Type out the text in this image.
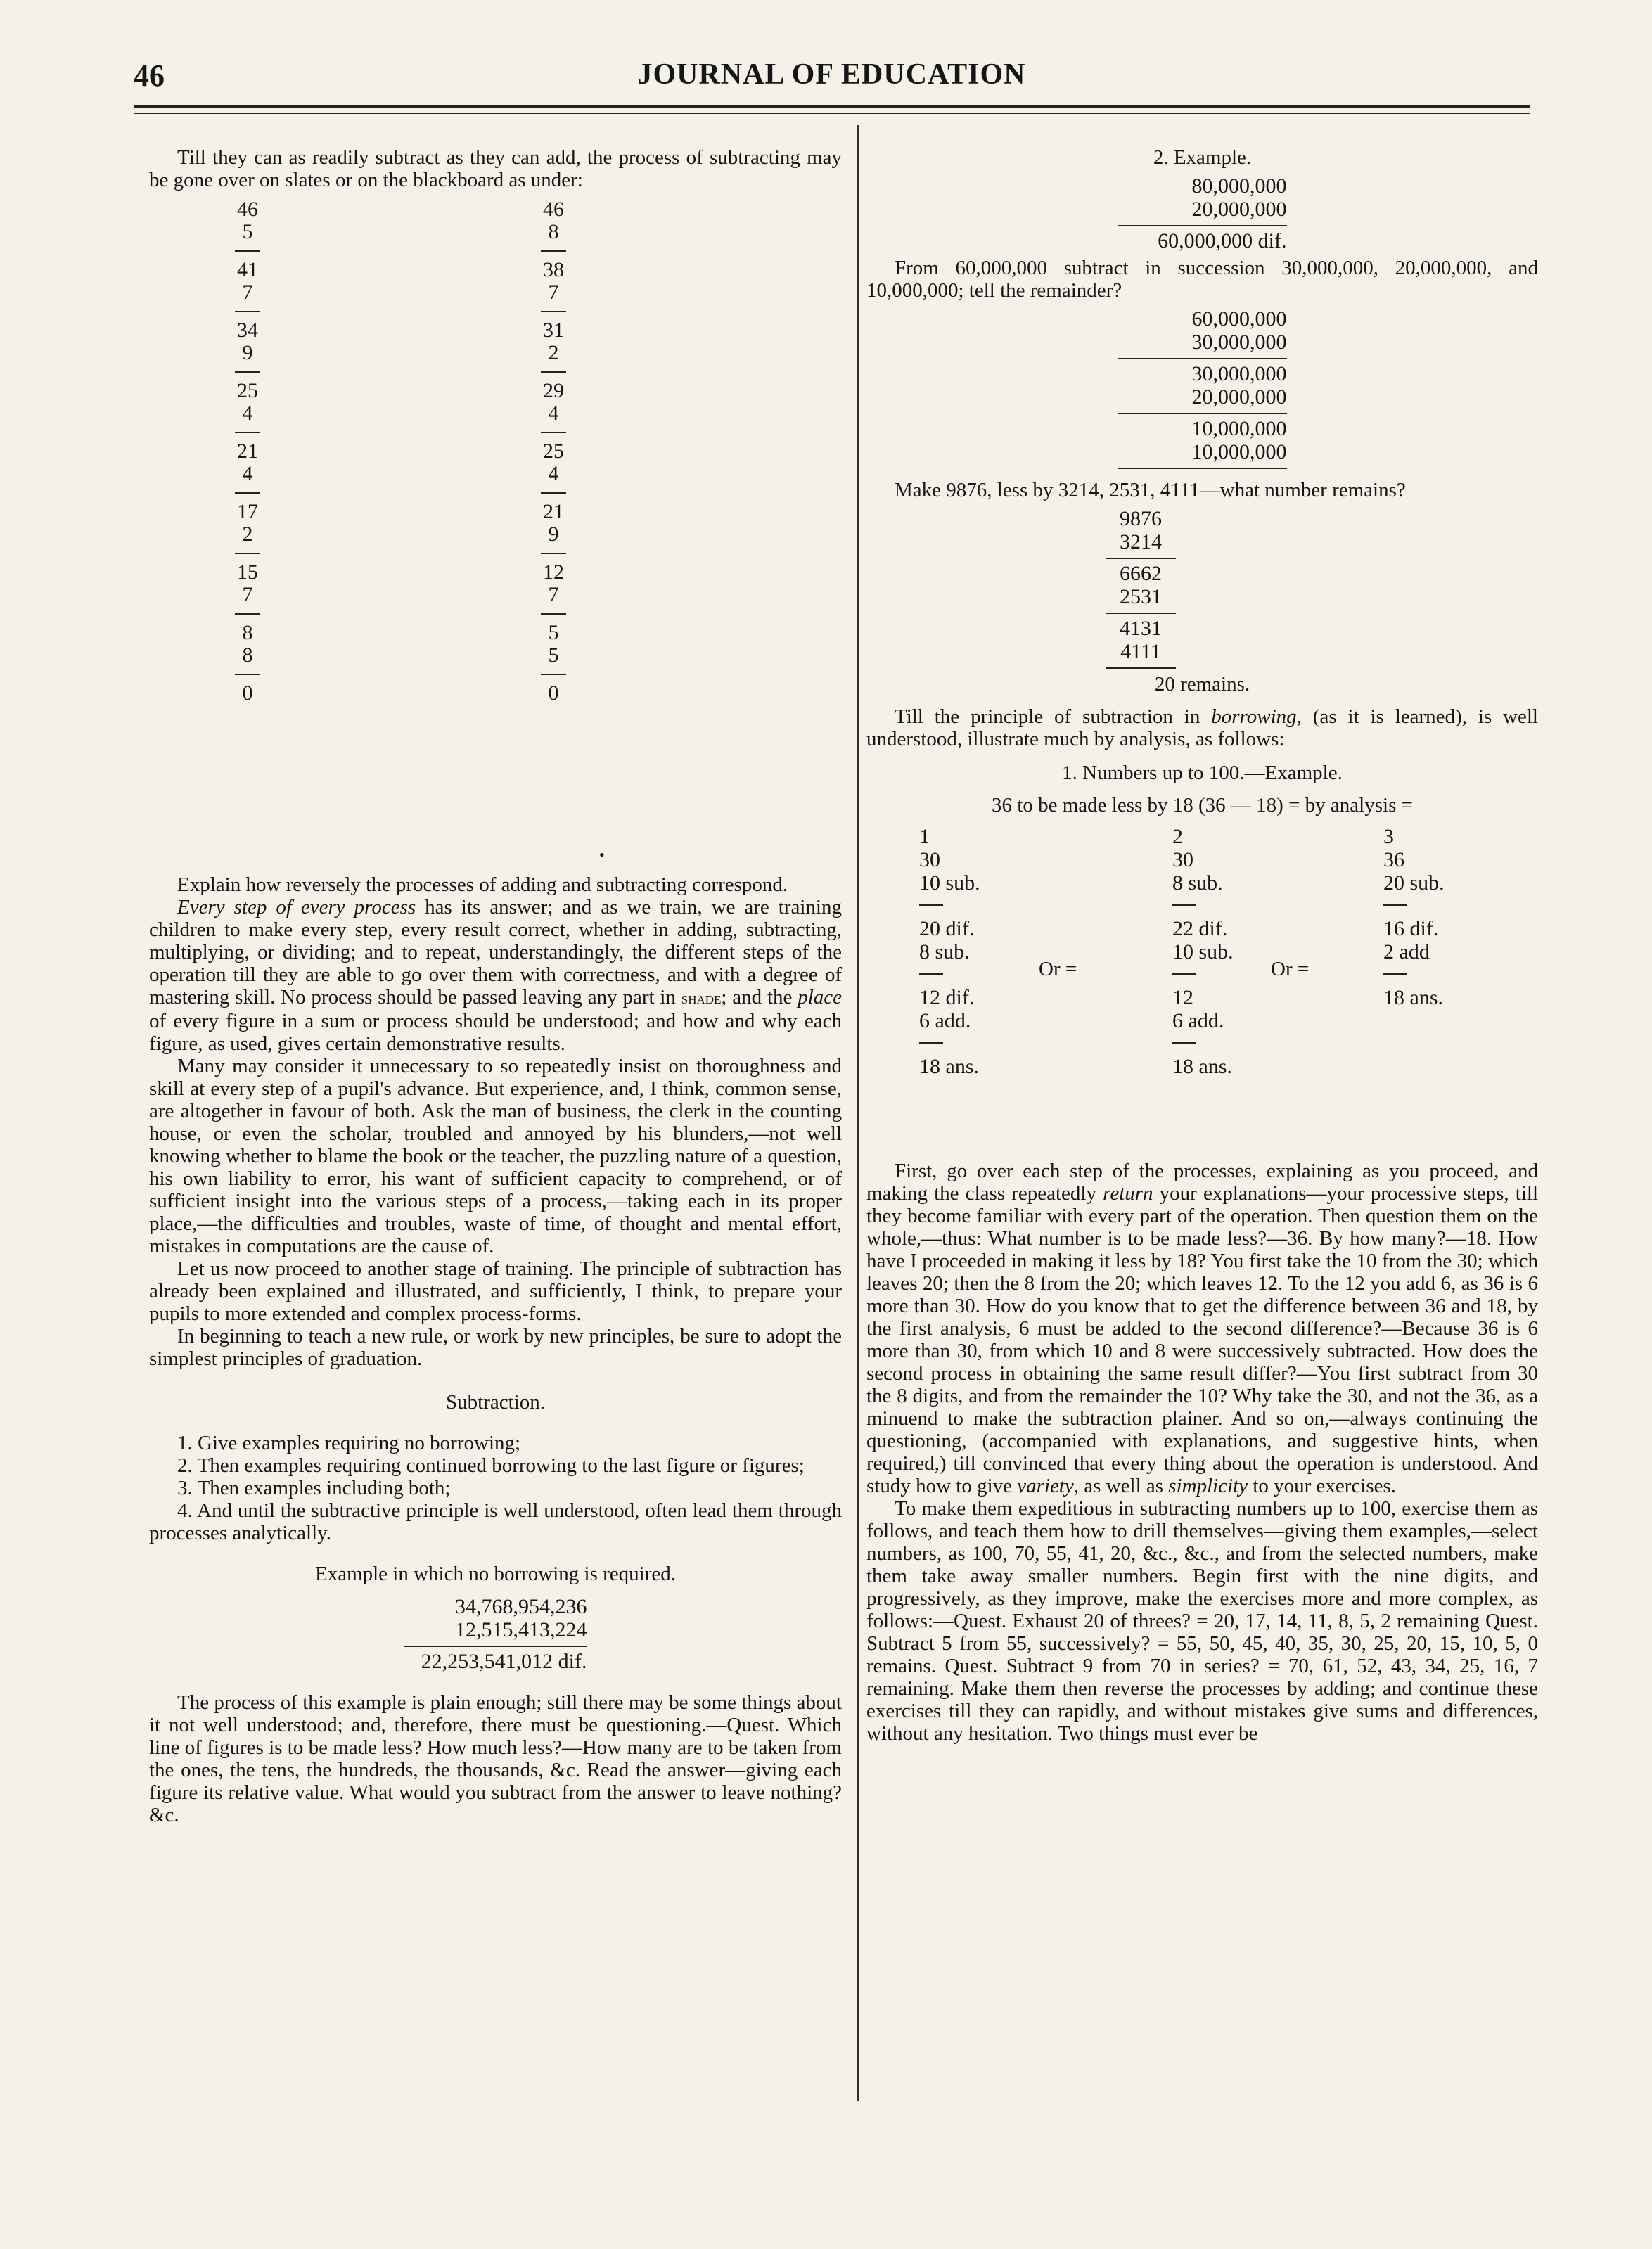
46	JOURNAL OF EDUCATION

Till they can as readily subtract as they can add, the process of subtracting may be gone over on slates or on the blackboard as under:

46
5
41
7
34
9
25
4
21
4
17
2
15
7
8
8
0
46
8
38
7
31
2
29
4
25
4
21
9
12
7
5
5
0
•

Explain how reversely the processes of adding and subtracting correspond.

Every step of every process has its answer; and as we train, we are training children to make every step, every result correct, whether in adding, subtracting, multiplying, or dividing; and to repeat, understandingly, the different steps of the operation till they are able to go over them with correctness, and with a degree of mastering skill. No process should be passed leaving any part in shade; and the place of every figure in a sum or process should be understood; and how and why each figure, as used, gives certain demonstrative results.

Many may consider it unnecessary to so repeatedly insist on thoroughness and skill at every step of a pupil's advance. But experience, and, I think, common sense, are altogether in favour of both. Ask the man of business, the clerk in the counting house, or even the scholar, troubled and annoyed by his blunders,—not well knowing whether to blame the book or the teacher, the puzzling nature of a question, his own liability to error, his want of sufficient capacity to comprehend, or of sufficient insight into the various steps of a process,—taking each in its proper place,—the difficulties and troubles, waste of time, of thought and mental effort, mistakes in computations are the cause of.

Let us now proceed to another stage of training. The principle of subtraction has already been explained and illustrated, and sufficiently, I think, to prepare your pupils to more extended and complex process-forms.

In beginning to teach a new rule, or work by new principles, be sure to adopt the simplest principles of graduation.

Subtraction.
1. Give examples requiring no borrowing;
2. Then examples requiring continued borrowing to the last figure or figures;
3. Then examples including both;
4. And until the subtractive principle is well understood, often lead them through processes analytically.
Example in which no borrowing is required.
34,768,954,236
12,515,413,224
22,253,541,012 dif.

The process of this example is plain enough; still there may be some things about it not well understood; and, therefore, there must be questioning.—Quest. Which line of figures is to be made less? How much less?—How many are to be taken from the ones, the tens, the hundreds, the thousands, &c. Read the answer—giving each figure its relative value. What would you subtract from the answer to leave nothing? &c.

2. Example.
80,000,000
20,000,000
60,000,000 dif.

From 60,000,000 subtract in succession 30,000,000, 20,000,000, and 10,000,000; tell the remainder?

60,000,000
30,000,000
30,000,000
20,000,000
10,000,000
10,000,000

Make 9876, less by 3214, 2531, 4111—what number remains?

9876
3214
6662
2531
4131
4111
20 remains.

Till the principle of subtraction in borrowing, (as it is learned), is well understood, illustrate much by analysis, as follows:

1. Numbers up to 100.—Example.
36 to be made less by 18 (36 — 18) = by analysis =
1
30
10 sub.
20 dif.
8 sub.
12 dif.
6 add.
18 ans.
Or =
2
30
8 sub.
22 dif.
10 sub.
12
6 add.
18 ans.
Or =
3
36
20 sub.
16 dif.
2 add
18 ans.

First, go over each step of the processes, explaining as you proceed, and making the class repeatedly return your explanations—your processive steps, till they become familiar with every part of the operation. Then question them on the whole,—thus: What number is to be made less?—36. By how many?—18. How have I proceeded in making it less by 18? You first take the 10 from the 30; which leaves 20; then the 8 from the 20; which leaves 12. To the 12 you add 6, as 36 is 6 more than 30. How do you know that to get the difference between 36 and 18, by the first analysis, 6 must be added to the second difference?—Because 36 is 6 more than 30, from which 10 and 8 were successively subtracted. How does the second process in obtaining the same result differ?—You first subtract from 30 the 8 digits, and from the remainder the 10? Why take the 30, and not the 36, as a minuend to make the subtraction plainer. And so on,—always continuing the questioning, (accompanied with explanations, and suggestive hints, when required,) till convinced that every thing about the operation is understood. And study how to give variety, as well as simplicity to your exercises.

To make them expeditious in subtracting numbers up to 100, exercise them as follows, and teach them how to drill themselves—giving them examples,—select numbers, as 100, 70, 55, 41, 20, &c., &c., and from the selected numbers, make them take away smaller numbers. Begin first with the nine digits, and progressively, as they improve, make the exercises more and more complex, as follows:—Quest. Exhaust 20 of threes? = 20, 17, 14, 11, 8, 5, 2 remaining Quest. Subtract 5 from 55, successively? = 55, 50, 45, 40, 35, 30, 25, 20, 15, 10, 5, 0 remains. Quest. Subtract 9 from 70 in series? = 70, 61, 52, 43, 34, 25, 16, 7 remaining. Make them then reverse the processes by adding; and continue these exercises till they can rapidly, and without mistakes give sums and differences, without any hesitation. Two things must ever be
